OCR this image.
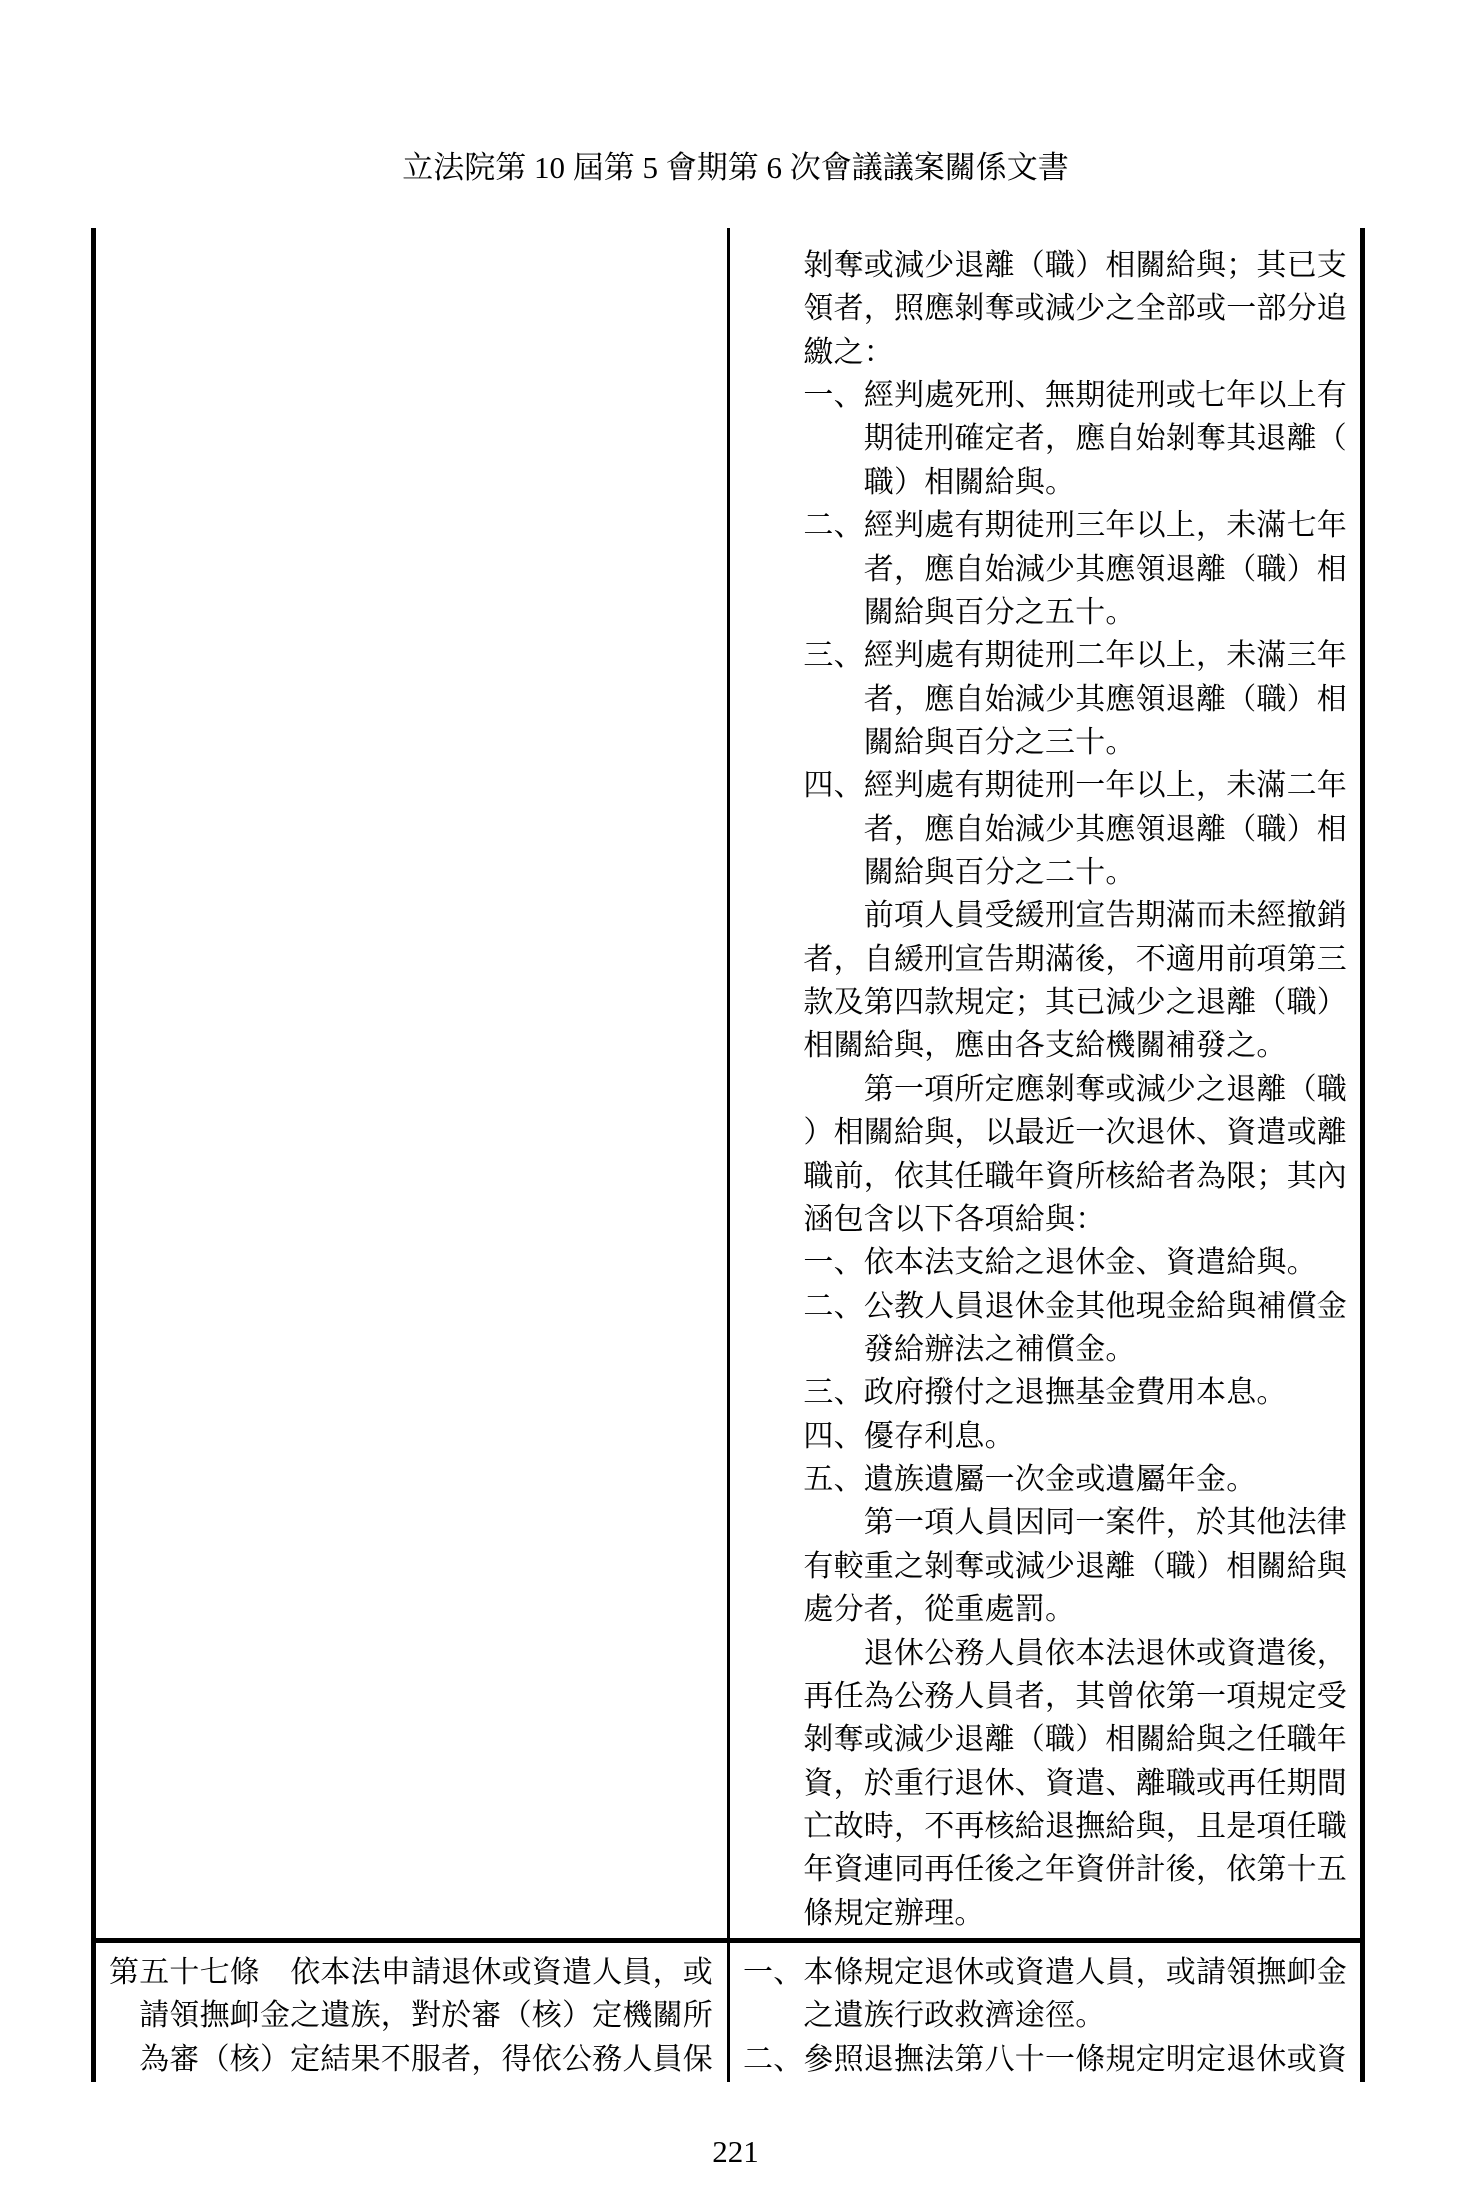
立法院第 10 屆第 5 會期第 6 次會議議案關係文書
剝奪或減少退離（職）相關給與；其已支
領者，照應剝奪或減少之全部或一部分追
繳之：
一、經判處死刑、無期徒刑或七年以上有
期徒刑確定者，應自始剝奪其退離（
職）相關給與。
二、經判處有期徒刑三年以上，未滿七年
者，應自始減少其應領退離（職）相
關給與百分之五十。
三、經判處有期徒刑二年以上，未滿三年
者，應自始減少其應領退離（職）相
關給與百分之三十。
四、經判處有期徒刑一年以上，未滿二年
者，應自始減少其應領退離（職）相
關給與百分之二十。
前項人員受緩刑宣告期滿而未經撤銷
者，自緩刑宣告期滿後，不適用前項第三
款及第四款規定；其已減少之退離（職）
相關給與，應由各支給機關補發之。
第一項所定應剝奪或減少之退離（職
）相關給與，以最近一次退休、資遣或離
職前，依其任職年資所核給者為限；其內
涵包含以下各項給與：
一、依本法支給之退休金、資遣給與。
二、公教人員退休金其他現金給與補償金
發給辦法之補償金。
三、政府撥付之退撫基金費用本息。
四、優存利息。
五、遺族遺屬一次金或遺屬年金。
第一項人員因同一案件，於其他法律
有較重之剝奪或減少退離（職）相關給與
處分者，從重處罰。
退休公務人員依本法退休或資遣後，
再任為公務人員者，其曾依第一項規定受
剝奪或減少退離（職）相關給與之任職年
資，於重行退休、資遣、離職或再任期間
亡故時，不再核給退撫給與，且是項任職
年資連同再任後之年資併計後，依第十五
條規定辦理。
第五十七條　依本法申請退休或資遣人員，或
請領撫卹金之遺族，對於審（核）定機關所
為審（核）定結果不服者，得依公務人員保
一、本條規定退休或資遣人員，或請領撫卹金
之遺族行政救濟途徑。
二、參照退撫法第八十一條規定明定退休或資
221
